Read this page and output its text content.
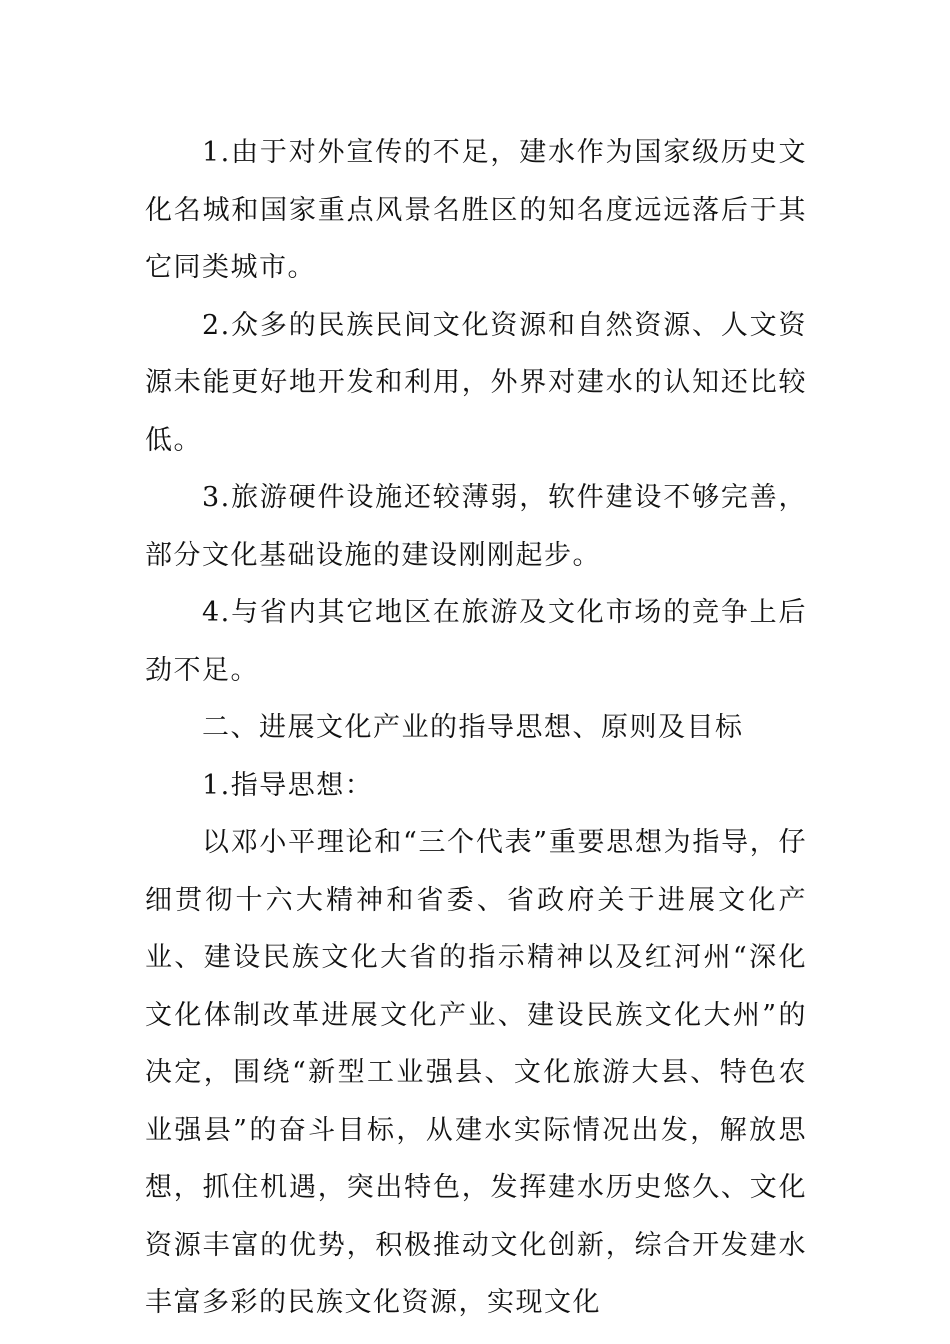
1.由于对外宣传的不足，建水作为国家级历史文化名城和国家重点风景名胜区的知名度远远落后于其它同类城市。

2.众多的民族民间文化资源和自然资源、人文资源未能更好地开发和利用，外界对建水的认知还比较低。

3.旅游硬件设施还较薄弱，软件建设不够完善，部分文化基础设施的建设刚刚起步。

4.与省内其它地区在旅游及文化市场的竞争上后劲不足。

二、进展文化产业的指导思想、原则及目标

1.指导思想：

以邓小平理论和“三个代表”重要思想为指导，仔细贯彻十六大精神和省委、省政府关于进展文化产业、建设民族文化大省的指示精神以及红河州“深化文化体制改革进展文化产业、建设民族文化大州”的决定，围绕“新型工业强县、文化旅游大县、特色农业强县”的奋斗目标，从建水实际情况出发，解放思想，抓住机遇，突出特色，发挥建水历史悠久、文化资源丰富的优势，积极推动文化创新，综合开发建水丰富多彩的民族文化资源，实现文化
